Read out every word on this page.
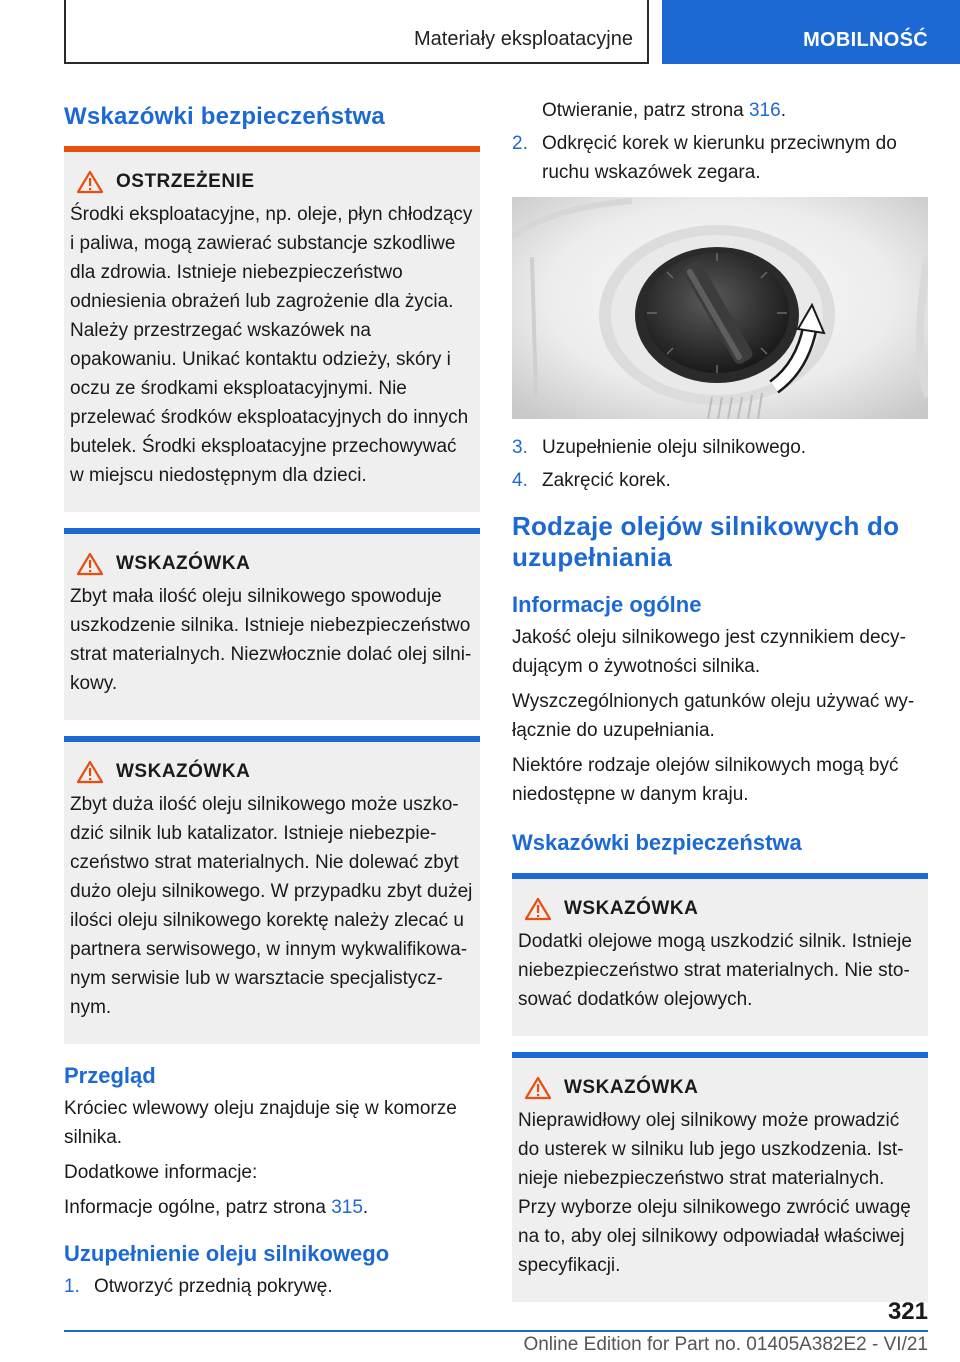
Materiały eksploatacyjne	MOBILNOŚĆ
Wskazówki bezpieczeństwa
OSTRZEŻENIE

Środki eksploatacyjne, np. oleje, płyn chłodzący i paliwa, mogą zawierać substancje szkodliwe dla zdrowia. Istnieje niebezpieczeństwo odniesienia obrażeń lub zagrożenie dla życia. Należy przestrzegać wskazówek na opakowaniu. Unikać kontaktu odzieży, skóry i oczu ze środkami eksploatacyjnymi. Nie przelewać środków eksploatacyjnych do innych butelek. Środki eksploatacyjne przechowywać w miejscu niedostępnym dla dzieci.

WSKAZÓWKA

Zbyt mała ilość oleju silnikowego spowoduje uszkodzenie silnika. Istnieje niebezpieczeństwo strat materialnych. Niezwłocznie dolać olej silnikowy.

WSKAZÓWKA

Zbyt duża ilość oleju silnikowego może uszkodzić silnik lub katalizator. Istnieje niebezpieczeństwo strat materialnych. Nie dolewać zbyt dużo oleju silnikowego. W przypadku zbyt dużej ilości oleju silnikowego korektę należy zlecać u partnera serwisowego, w innym wykwalifikowanym serwisie lub w warsztacie specjalistycznym.

Przegląd

Króciec wlewowy oleju znajduje się w komorze silnika.

Dodatkowe informacje:

Informacje ogólne, patrz strona 315.

Uzupełnienie oleju silnikowego
1. Otworzyć przednią pokrywę.
Otwieranie, patrz strona 316.
2. Odkręcić korek w kierunku przeciwnym do ruchu wskazówek zegara.
3. Uzupełnienie oleju silnikowego.
4. Zakręcić korek.
Rodzaje olejów silnikowych do uzupełniania
Informacje ogólne

Jakość oleju silnikowego jest czynnikiem decydującym o żywotności silnika.

Wyszczególnionych gatunków oleju używać wyłącznie do uzupełniania.

Niektóre rodzaje olejów silnikowych mogą być niedostępne w danym kraju.

Wskazówki bezpieczeństwa
WSKAZÓWKA

Dodatki olejowe mogą uszkodzić silnik. Istnieje niebezpieczeństwo strat materialnych. Nie stosować dodatków olejowych.

WSKAZÓWKA

Nieprawidłowy olej silnikowy może prowadzić do usterek w silniku lub jego uszkodzenia. Istnieje niebezpieczeństwo strat materialnych. Przy wyborze oleju silnikowego zwrócić uwagę na to, aby olej silnikowy odpowiadał właściwej specyfikacji.

321
Online Edition for Part no. 01405A382E2 - VI/21
